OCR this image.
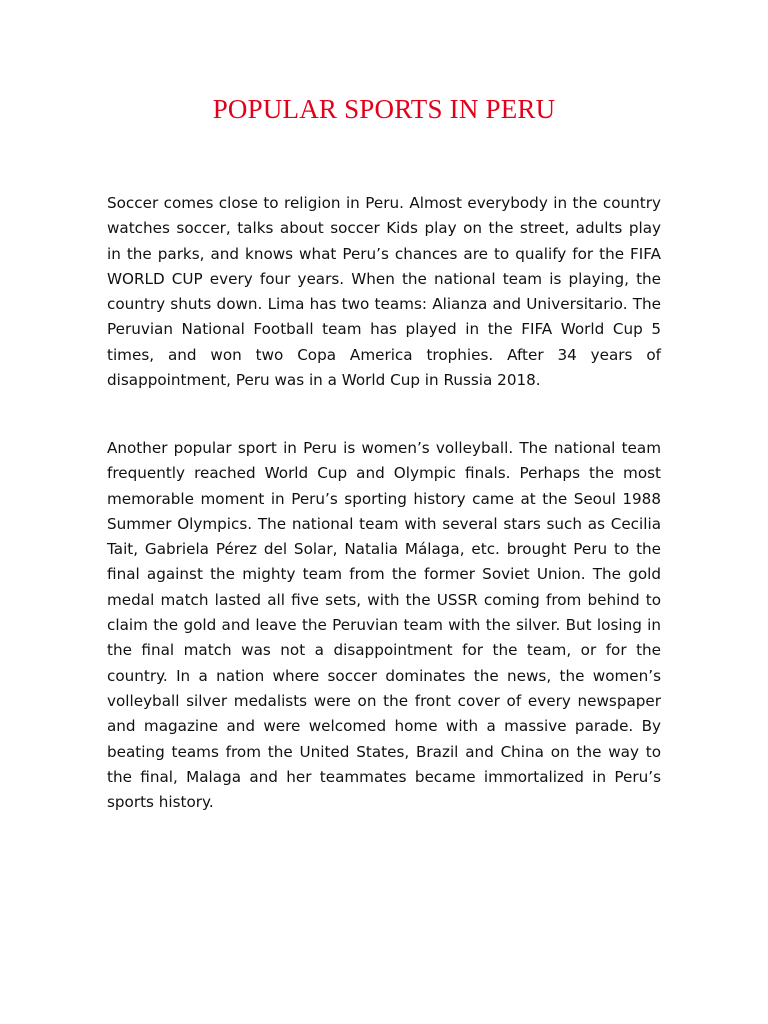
POPULAR SPORTS IN PERU

Soccer comes close to religion in Peru. Almost everybody in the country watches soccer, talks about soccer Kids play on the street, adults play in the parks, and knows what Peru’s chances are to qualify for the FIFA WORLD CUP every four years. When the national team is playing, the country shuts down. Lima has two teams: Alianza and Universitario. The Peruvian National Football team has played in the FIFA World Cup 5 times, and won two Copa America trophies. After 34 years of disappointment, Peru was in a World Cup in Russia 2018.

Another popular sport in Peru is women’s volleyball. The national team frequently reached World Cup and Olympic finals. Perhaps the most memorable moment in Peru’s sporting history came at the Seoul 1988 Summer Olympics. The national team with several stars such as Cecilia Tait, Gabriela Pérez del Solar, Natalia Málaga, etc. brought Peru to the final against the mighty team from the former Soviet Union. The gold medal match lasted all five sets, with the USSR coming from behind to claim the gold and leave the Peruvian team with the silver. But losing in the final match was not a disappointment for the team, or for the country. In a nation where soccer dominates the news, the women’s volleyball silver medalists were on the front cover of every newspaper and magazine and were welcomed home with a massive parade. By beating teams from the United States, Brazil and China on the way to the final, Malaga and her teammates became immortalized in Peru’s sports history.
